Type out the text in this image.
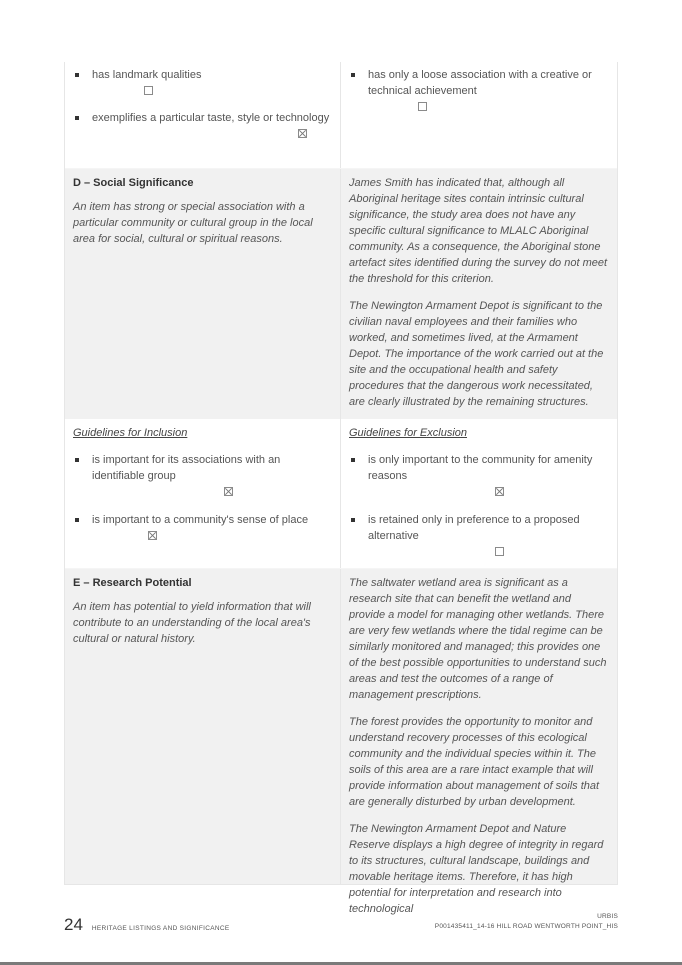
has landmark qualities
exemplifies a particular taste, style or technology
has only a loose association with a creative or technical achievement
D – Social Significance
An item has strong or special association with a particular community or cultural group in the local area for social, cultural or spiritual reasons.

James Smith has indicated that, although all Aboriginal heritage sites contain intrinsic cultural significance, the study area does not have any specific cultural significance to MLALC Aboriginal community. As a consequence, the Aboriginal stone artefact sites identified during the survey do not meet the threshold for this criterion.

The Newington Armament Depot is significant to the civilian naval employees and their families who worked, and sometimes lived, at the Armament Depot. The importance of the work carried out at the site and the occupational health and safety procedures that the dangerous work necessitated, are clearly illustrated by the remaining structures.

Guidelines for Inclusion
is important for its associations with an identifiable group
is important to a community's sense of place
Guidelines for Exclusion
is only important to the community for amenity reasons
is retained only in preference to a proposed alternative
E – Research Potential
An item has potential to yield information that will contribute to an understanding of the local area's cultural or natural history.

The saltwater wetland area is significant as a research site that can benefit the wetland and provide a model for managing other wetlands. There are very few wetlands where the tidal regime can be similarly monitored and managed; this provides one of the best possible opportunities to understand such areas and test the outcomes of a range of management prescriptions.

The forest provides the opportunity to monitor and understand recovery processes of this ecological community and the individual species within it. The soils of this area are a rare intact example that will provide information about management of soils that are generally disturbed by urban development.

The Newington Armament Depot and Nature Reserve displays a high degree of integrity in regard to its structures, cultural landscape, buildings and movable heritage items. Therefore, it has high potential for interpretation and research into technological

24 HERITAGE LISTINGS AND SIGNIFICANCE
URBIS
P001435411_14-16 HILL ROAD WENTWORTH POINT_HIS
